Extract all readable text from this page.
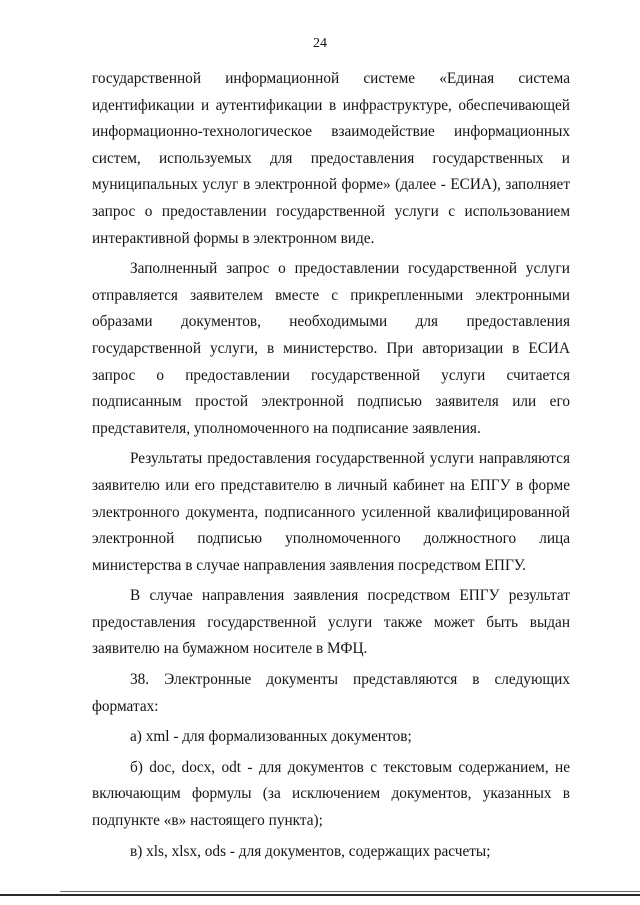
24

государственной информационной системе «Единая система идентификации и аутентификации в инфраструктуре, обеспечивающей информационно-технологическое взаимодействие информационных систем, используемых для предоставления государственных и муниципальных услуг в электронной форме» (далее - ЕСИА), заполняет запрос о предоставлении государственной услуги с использованием интерактивной формы в электронном виде.

Заполненный запрос о предоставлении государственной услуги отправляется заявителем вместе с прикрепленными электронными образами документов, необходимыми для предоставления государственной услуги, в министерство. При авторизации в ЕСИА запрос о предоставлении государственной услуги считается подписанным простой электронной подписью заявителя или его представителя, уполномоченного на подписание заявления.

Результаты предоставления государственной услуги направляются заявителю или его представителю в личный кабинет на ЕПГУ в форме электронного документа, подписанного усиленной квалифицированной электронной подписью уполномоченного должностного лица министерства в случае направления заявления посредством ЕПГУ.

В случае направления заявления посредством ЕПГУ результат предоставления государственной услуги также может быть выдан заявителю на бумажном носителе в МФЦ.

38. Электронные документы представляются в следующих форматах:

а) xml - для формализованных документов;

б) doc, docx, odt - для документов с текстовым содержанием, не включающим формулы (за исключением документов, указанных в подпункте «в» настоящего пункта);

в) xls, xlsx, ods - для документов, содержащих расчеты;
